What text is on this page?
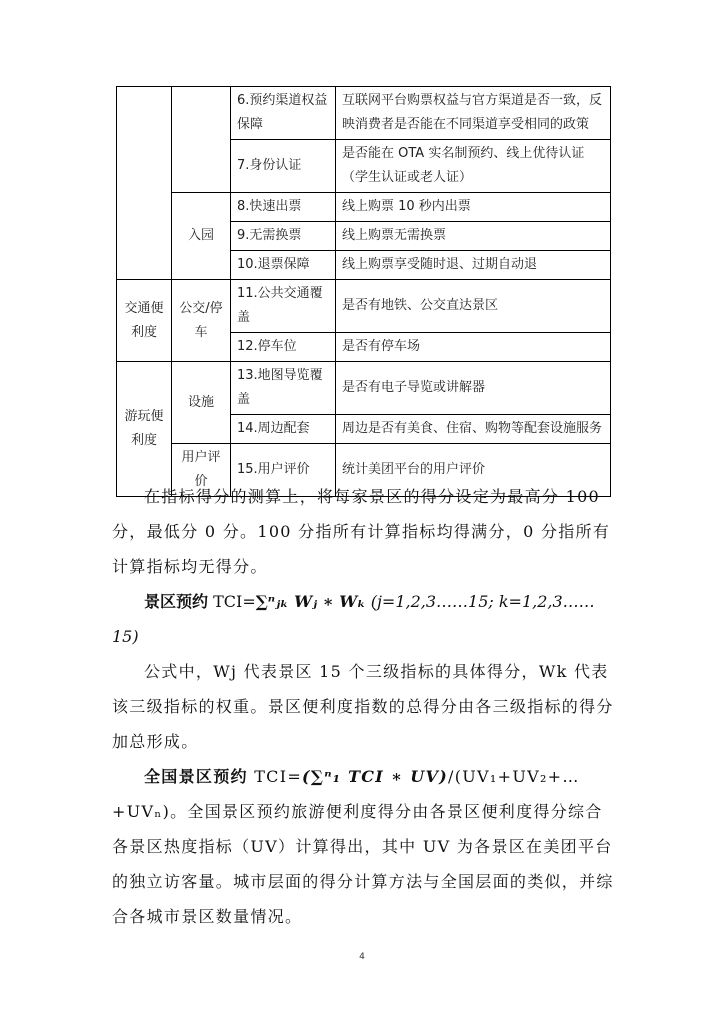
		6.预约渠道权益保障	互联网平台购票权益与官方渠道是否一致，反映消费者是否能在不同渠道享受相同的政策
		7.身份认证	是否能在 OTA 实名制预约、线上优待认证（学生认证或老人证）
	入园	8.快速出票	线上购票 10 秒内出票
		9.无需换票	线上购票无需换票
		10.退票保障	线上购票享受随时退、过期自动退
交通便利度	公交/停车	11.公共交通覆盖	是否有地铁、公交直达景区
		12.停车位	是否有停车场
游玩便利度	设施	13.地图导览覆盖	是否有电子导览或讲解器
		14.周边配套	周边是否有美食、住宿、购物等配套设施服务
	用户评价	15.用户评价	统计美团平台的用户评价

在指标得分的测算上，将每家景区的得分设定为最高分 100 分，最低分 0 分。100 分指所有计算指标均得满分，0 分指所有计算指标均无得分。

景区预约 TCI=∑ⁿⱼₖ 𝑾ⱼ ∗ 𝑾ₖ (j=1,2,3……15; k=1,2,3……15)

公式中，Wj 代表景区 15 个三级指标的具体得分，Wk 代表该三级指标的权重。景区便利度指数的总得分由各三级指标的得分加总形成。

全国景区预约 TCI=(∑ⁿ₁ 𝑻𝑪𝑰 ∗ 𝑼𝑽)/(UV₁+UV₂+…+UVₙ)。全国景区预约旅游便利度得分由各景区便利度得分综合各景区热度指标（UV）计算得出，其中 UV 为各景区在美团平台的独立访客量。城市层面的得分计算方法与全国层面的类似，并综合各城市景区数量情况。

4
